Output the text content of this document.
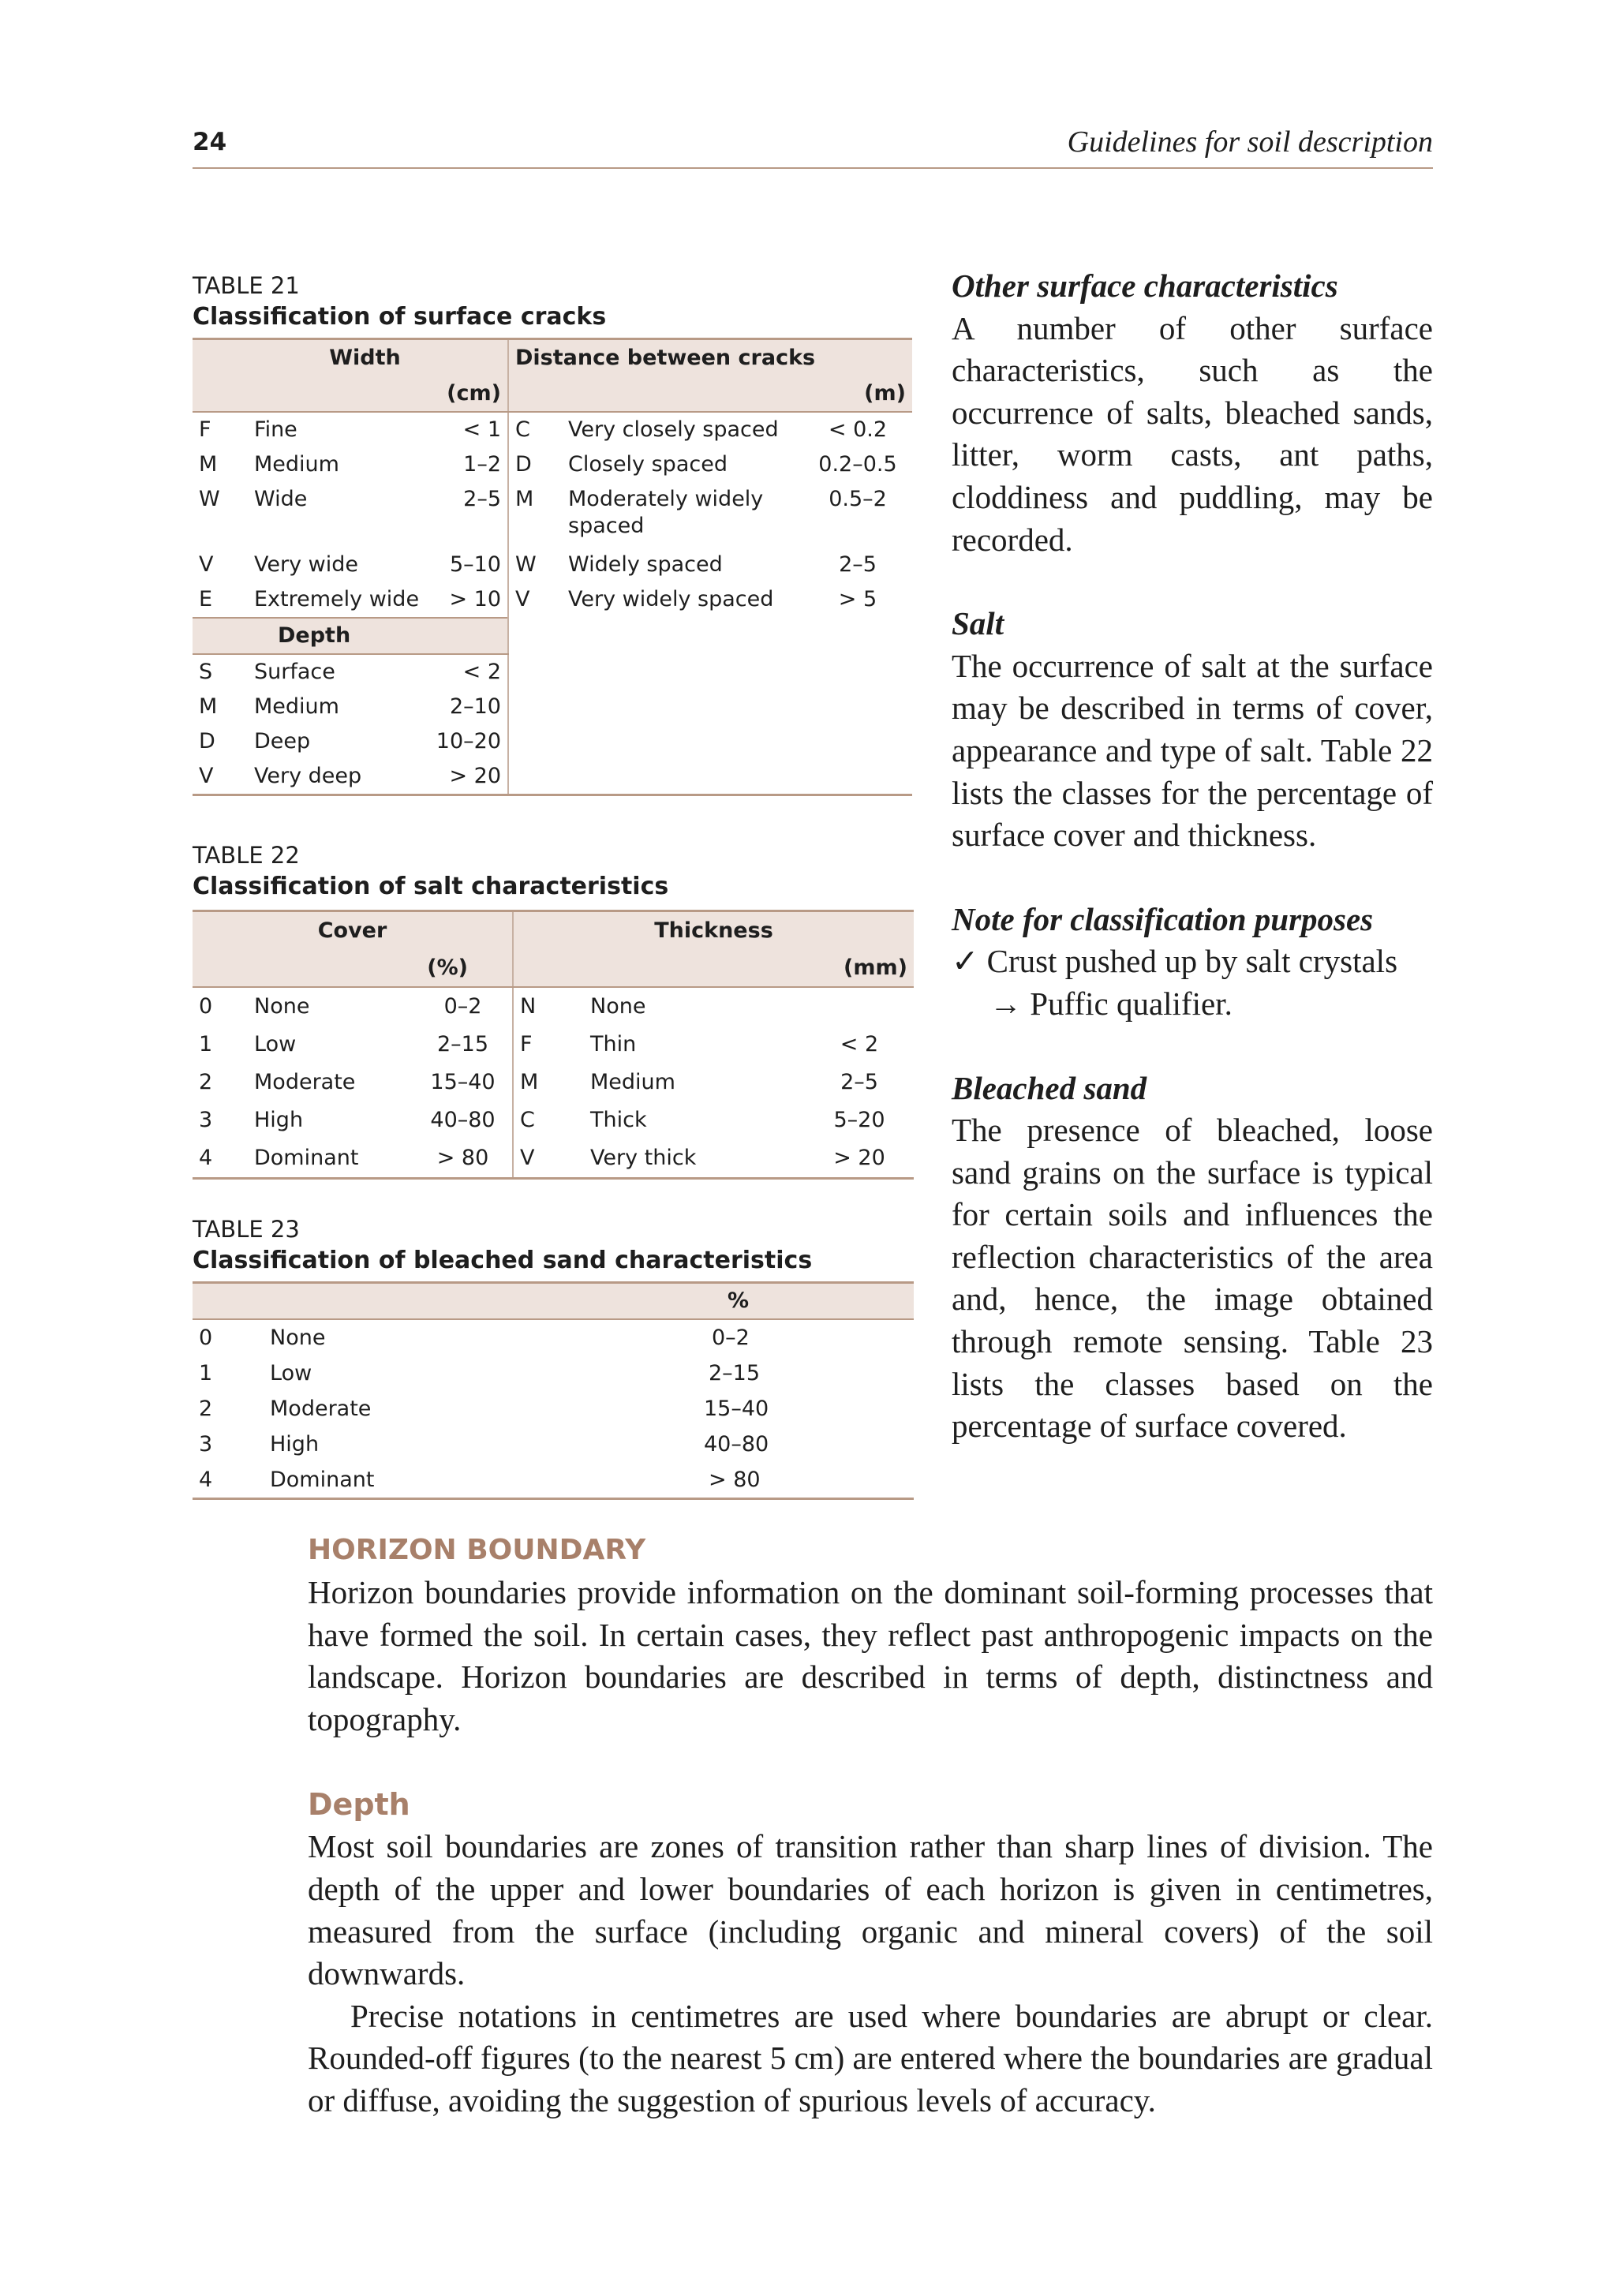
24	Guidelines for soil description
TABLE 21
Classification of surface cracks
Width			Distance between cracks		
(cm)			(m)		
F	Fine	< 1	C	Very closely spaced	< 0.2
M	Medium	1–2	D	Closely spaced	0.2–0.5
W	Wide	2–5	M	Moderately widely spaced	0.5–2
V	Very wide	5–10	W	Widely spaced	2–5
E	Extremely wide	> 10	V	Very widely spaced	> 5
Depth					
S	Surface	< 2			
M	Medium	2–10			
D	Deep	10–20			
V	Very deep	> 20			
TABLE 22
Classification of salt characteristics
Cover			Thickness		
(%)			(mm)		
0	None	0–2	N	None	
1	Low	2–15	F	Thin	< 2
2	Moderate	15–40	M	Medium	2–5
3	High	40–80	C	Thick	5–20
4	Dominant	> 80	V	Very thick	> 20
TABLE 23
Classification of bleached sand characteristics
		%
0	None	0–2
1	Low	2–15
2	Moderate	15–40
3	High	40–80
4	Dominant	> 80
Other surface characteristics

A number of other surface characteristics, such as the occurrence of salts, bleached sands, litter, worm casts, ant paths, cloddiness and puddling, may be recorded.

Salt

The occurrence of salt at the surface may be described in terms of cover, appearance and type of salt. Table 22 lists the classes for the percentage of surface cover and thickness.

Note for classification purposes
✓ Crust pushed up by salt crystals
→ Puffic qualifier.
Bleached sand

The presence of bleached, loose sand grains on the surface is typical for certain soils and influences the reflection characteristics of the area and, hence, the image obtained through remote sensing. Table 23 lists the classes based on the percentage of surface covered.

HORIZON BOUNDARY

Horizon boundaries provide information on the dominant soil-forming processes that have formed the soil. In certain cases, they reflect past anthropogenic impacts on the landscape. Horizon boundaries are described in terms of depth, distinctness and topography.

Depth

Most soil boundaries are zones of transition rather than sharp lines of division. The depth of the upper and lower boundaries of each horizon is given in centimetres, measured from the surface (including organic and mineral covers) of the soil downwards.

Precise notations in centimetres are used where boundaries are abrupt or clear. Rounded-off figures (to the nearest 5 cm) are entered where the boundaries are gradual or diffuse, avoiding the suggestion of spurious levels of accuracy.
